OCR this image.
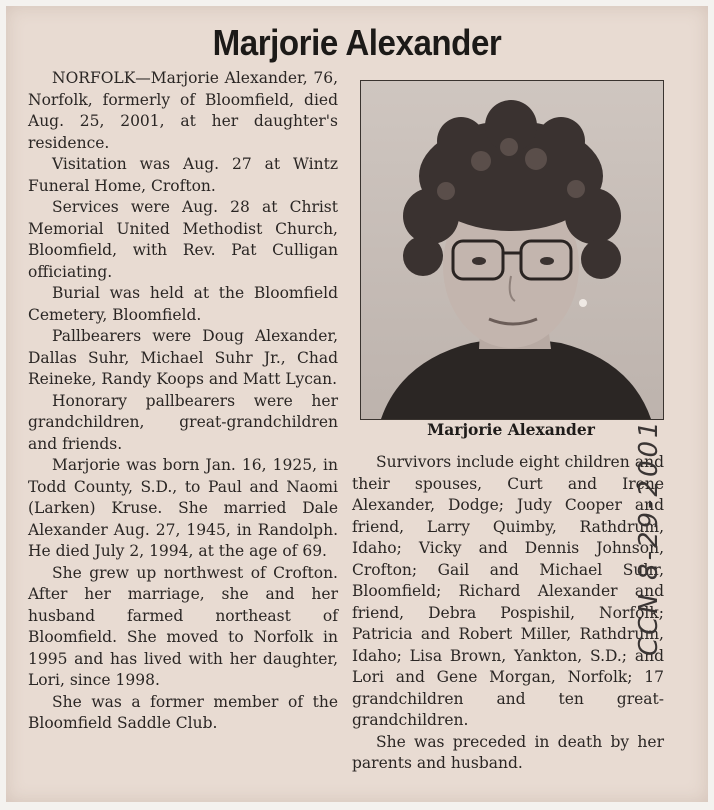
Marjorie Alexander

NORFOLK—Marjorie Alexander, 76, Norfolk, formerly of Bloomfield, died Aug. 25, 2001, at her daughter's residence.

Visitation was Aug. 27 at Wintz Funeral Home, Crofton.

Services were Aug. 28 at Christ Memorial United Methodist Church, Bloomfield, with Rev. Pat Culligan officiating.

Burial was held at the Bloomfield Cemetery, Bloomfield.

Pallbearers were Doug Alexander, Dallas Suhr, Michael Suhr Jr., Chad Reineke, Randy Koops and Matt Lycan.

Honorary pallbearers were her grandchildren, great-grandchildren and friends.

Marjorie was born Jan. 16, 1925, in Todd County, S.D., to Paul and Naomi (Larken) Kruse. She married Dale Alexander Aug. 27, 1945, in Randolph. He died July 2, 1994, at the age of 69.

She grew up northwest of Crofton. After her marriage, she and her husband farmed northeast of Bloomfield. She moved to Norfolk in 1995 and has lived with her daughter, Lori, since 1998.

She was a former member of the Bloomfield Saddle Club.

Marjorie Alexander

Survivors include eight children and their spouses, Curt and Irene Alexander, Dodge; Judy Cooper and friend, Larry Quimby, Rathdrum, Idaho; Vicky and Dennis Johnson, Crofton; Gail and Michael Suhr, Bloomfield; Richard Alexander and friend, Debra Pospishil, Norfolk; Patricia and Robert Miller, Rathdrum, Idaho; Lisa Brown, Yankton, S.D.; and Lori and Gene Morgan, Norfolk; 17 grandchildren and ten great-grandchildren.

She was preceded in death by her parents and husband.

CCN 8-29-2001
